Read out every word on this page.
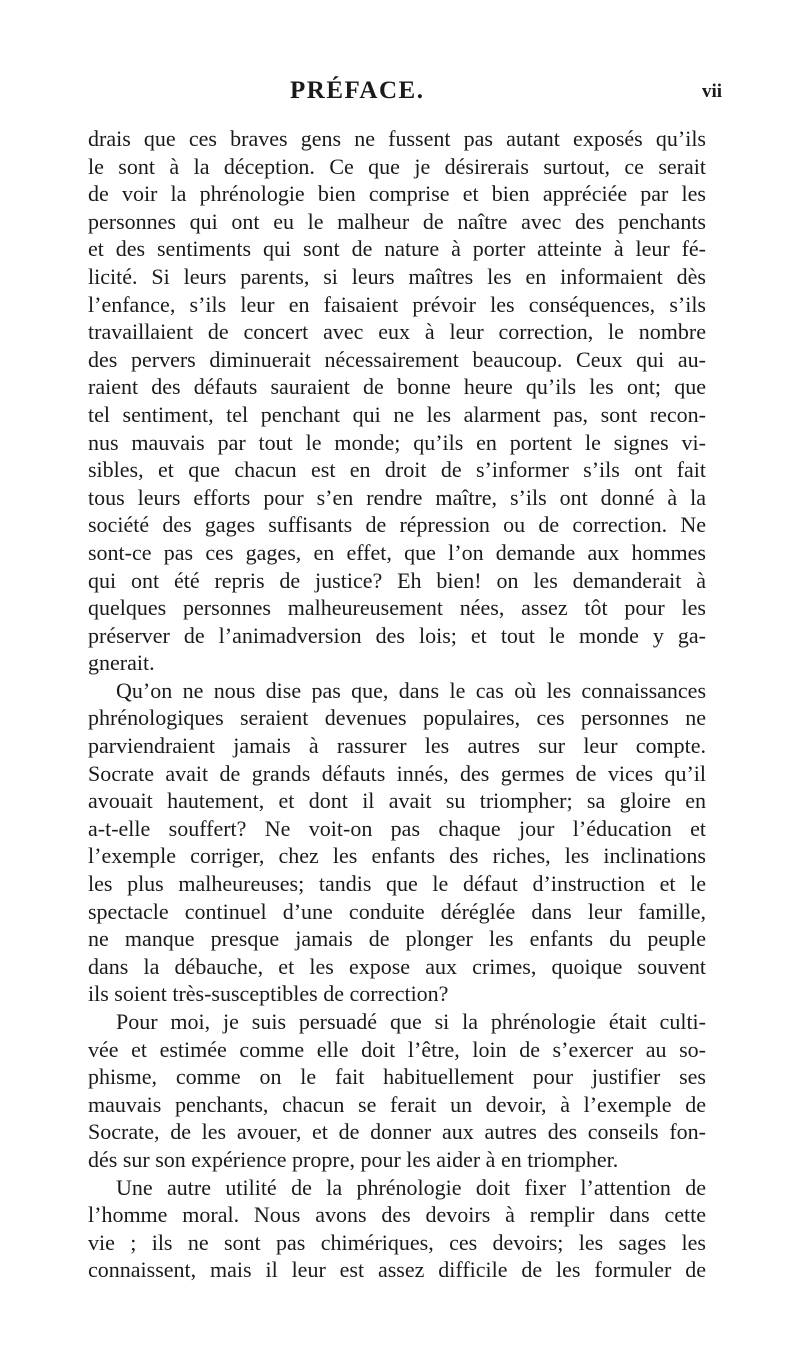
PRÉFACE.	vii
drais que ces braves gens ne fussent pas autant exposés qu’ils
le sont à la déception. Ce que je désirerais surtout, ce serait
de voir la phrénologie bien comprise et bien appréciée par les
personnes qui ont eu le malheur de naître avec des penchants
et des sentiments qui sont de nature à porter atteinte à leur fé-
licité. Si leurs parents, si leurs maîtres les en informaient dès
l’enfance, s’ils leur en faisaient prévoir les conséquences, s’ils
travaillaient de concert avec eux à leur correction, le nombre
des pervers diminuerait nécessairement beaucoup. Ceux qui au-
raient des défauts sauraient de bonne heure qu’ils les ont; que
tel sentiment, tel penchant qui ne les alarment pas, sont recon-
nus mauvais par tout le monde; qu’ils en portent le signes vi-
sibles, et que chacun est en droit de s’informer s’ils ont fait
tous leurs efforts pour s’en rendre maître, s’ils ont donné à la
société des gages suffisants de répression ou de correction. Ne
sont-ce pas ces gages, en effet, que l’on demande aux hommes
qui ont été repris de justice? Eh bien! on les demanderait à
quelques personnes malheureusement nées, assez tôt pour les
préserver de l’animadversion des lois; et tout le monde y ga-
gnerait.
Qu’on ne nous dise pas que, dans le cas où les connaissances
phrénologiques seraient devenues populaires, ces personnes ne
parviendraient jamais à rassurer les autres sur leur compte.
Socrate avait de grands défauts innés, des germes de vices qu’il
avouait hautement, et dont il avait su triompher; sa gloire en
a-t-elle souffert? Ne voit-on pas chaque jour l’éducation et
l’exemple corriger, chez les enfants des riches, les inclinations
les plus malheureuses; tandis que le défaut d’instruction et le
spectacle continuel d’une conduite déréglée dans leur famille,
ne manque presque jamais de plonger les enfants du peuple
dans la débauche, et les expose aux crimes, quoique souvent
ils soient très-susceptibles de correction?
Pour moi, je suis persuadé que si la phrénologie était culti-
vée et estimée comme elle doit l’être, loin de s’exercer au so-
phisme, comme on le fait habituellement pour justifier ses
mauvais penchants, chacun se ferait un devoir, à l’exemple de
Socrate, de les avouer, et de donner aux autres des conseils fon-
dés sur son expérience propre, pour les aider à en triompher.
Une autre utilité de la phrénologie doit fixer l’attention de
l’homme moral. Nous avons des devoirs à remplir dans cette
vie ; ils ne sont pas chimériques, ces devoirs; les sages les
connaissent, mais il leur est assez difficile de les formuler de
